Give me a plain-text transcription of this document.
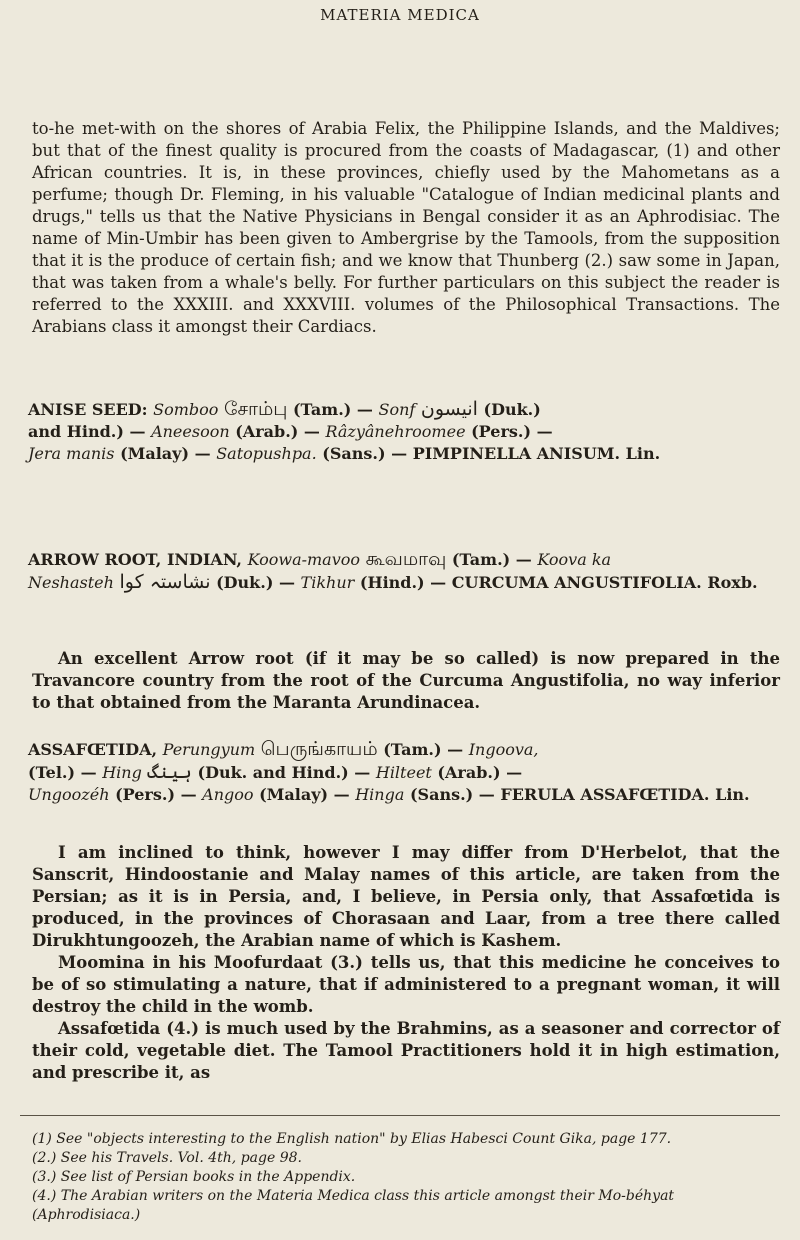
MATERIA MEDICA
to-he met-with on the shores of Arabia Felix, the Philippine Islands, and the Maldives; but that of the finest quality is procured from the coasts of Madagascar, (1) and other African countries. It is, in these provinces, chiefly used by the Mahometans as a perfume; though Dr. Fleming, in his valuable "Catalogue of Indian medicinal plants and drugs," tells us that the Native Physicians in Bengal consider it as an Aphrodisiac. The name of Min-Umbir has been given to Ambergrise by the Tamools, from the supposition that it is the produce of certain fish; and we know that Thunberg (2.) saw some in Japan, that was taken from a whale's belly. For further particulars on this subject the reader is referred to the XXXIII. and XXXVIII. volumes of the Philosophical Transactions. The Arabians class it amongst their Cardiacs.
ANISE SEED: Somboo சோம்பு (Tam.) — Sonf انیسون (Duk.)
and Hind.) — Aneesoon (Arab.) — Râzyânehroomee (Pers.) —
Jera manis (Malay) — Satopushpa. (Sans.) — PIMPINELLA ANISUM. Lin.
ARROW ROOT, INDIAN, Koowa-mavoo கூவமாவு (Tam.) — Koova ka
Neshasteh نشاستہ کوا (Duk.) — Tikhur (Hind.) — CURCUMA ANGUSTIFOLIA. Roxb.

An excellent Arrow root (if it may be so called) is now prepared in the Travancore country from the root of the Curcuma Angustifolia, no way inferior to that obtained from the Maranta Arundinacea.

ASSAFŒTIDA, Perungyum பெருங்காயம் (Tam.) — Ingoova,
(Tel.) — Hing ہینگ (Duk. and Hind.) — Hilteet (Arab.) —
Ungoozéh (Pers.) — Angoo (Malay) — Hinga (Sans.) — FERULA ASSAFŒTIDA. Lin.

I am inclined to think, however I may differ from D'Herbelot, that the Sanscrit, Hindoostanie and Malay names of this article, are taken from the Persian; as it is in Persia, and, I believe, in Persia only, that Assafœtida is produced, in the provinces of Chorasaan and Laar, from a tree there called Dirukhtungoozeh, the Arabian name of which is Kashem.

Moomina in his Moofurdaat (3.) tells us, that this medicine he conceives to be of so stimulating a nature, that if administered to a pregnant woman, it will destroy the child in the womb.

Assafœtida (4.) is much used by the Brahmins, as a seasoner and corrector of their cold, vegetable diet. The Tamool Practitioners hold it in high estimation, and prescribe it, as

(1) See "objects interesting to the English nation" by Elias Habesci Count Gika, page 177.

(2.) See his Travels. Vol. 4th, page 98.

(3.) See list of Persian books in the Appendix.

(4.) The Arabian writers on the Materia Medica class this article amongst their Mo-béhyat (Aphrodisiaca.)
